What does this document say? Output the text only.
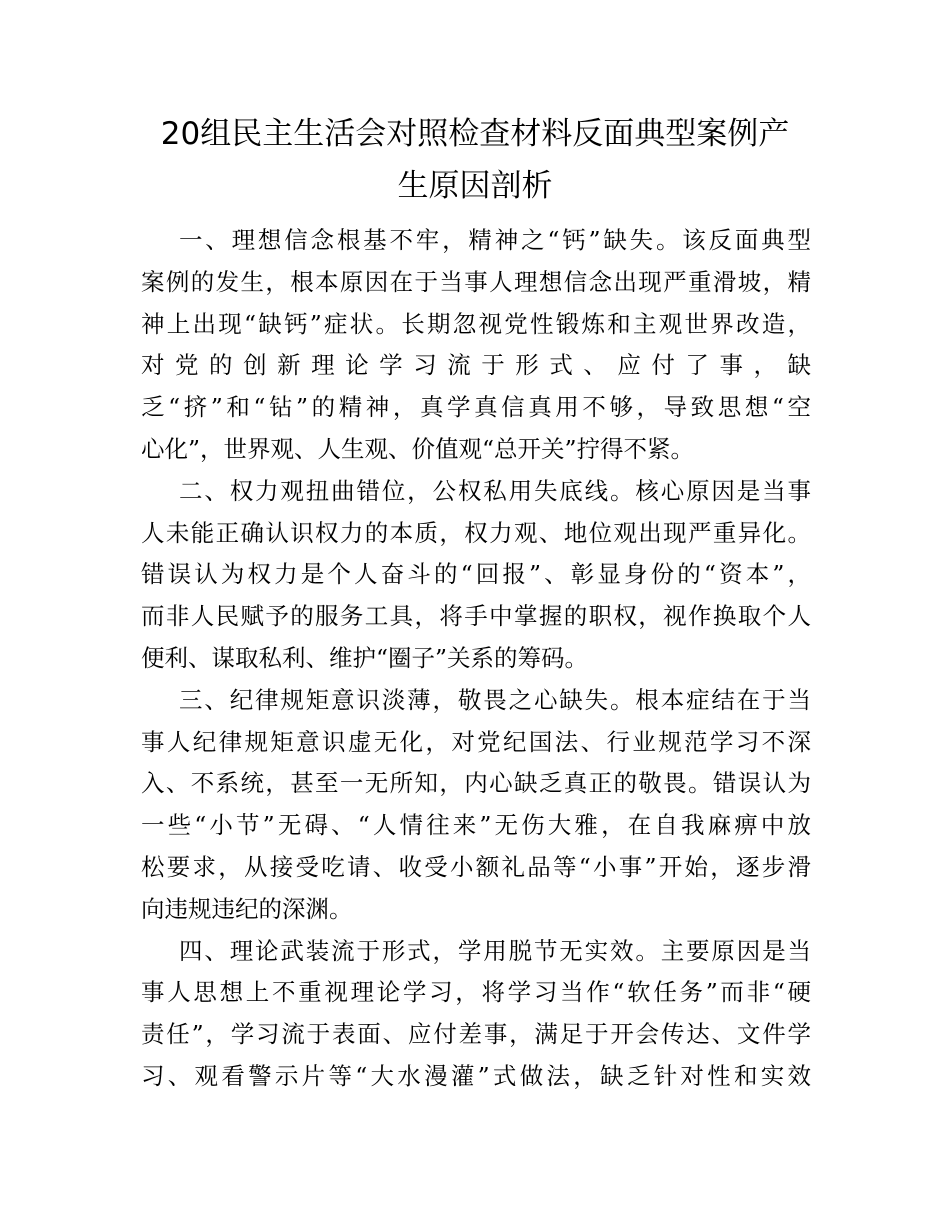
20组民主生活会对照检查材料反面典型案例产
生原因剖析
一、理想信念根基不牢，精神之“钙”缺失。该反面典型
案例的发生，根本原因在于当事人理想信念出现严重滑坡，精
神上出现“缺钙”症状。长期忽视党性锻炼和主观世界改造，
对党的创新理论学习流于形式、应付了事，缺
乏“挤”和“钻”的精神，真学真信真用不够，导致思想“空
心化”，世界观、人生观、价值观“总开关”拧得不紧。
二、权力观扭曲错位，公权私用失底线。核心原因是当事
人未能正确认识权力的本质，权力观、地位观出现严重异化。
错误认为权力是个人奋斗的“回报”、彰显身份的“资本”，
而非人民赋予的服务工具，将手中掌握的职权，视作换取个人
便利、谋取私利、维护“圈子”关系的筹码。
三、纪律规矩意识淡薄，敬畏之心缺失。根本症结在于当
事人纪律规矩意识虚无化，对党纪国法、行业规范学习不深
入、不系统，甚至一无所知，内心缺乏真正的敬畏。错误认为
一些“小节”无碍、“人情往来”无伤大雅，在自我麻痹中放
松要求，从接受吃请、收受小额礼品等“小事”开始，逐步滑
向违规违纪的深渊。
四、理论武装流于形式，学用脱节无实效。主要原因是当
事人思想上不重视理论学习，将学习当作“软任务”而非“硬
责任”，学习流于表面、应付差事，满足于开会传达、文件学
习、观看警示片等“大水漫灌”式做法，缺乏针对性和实效
